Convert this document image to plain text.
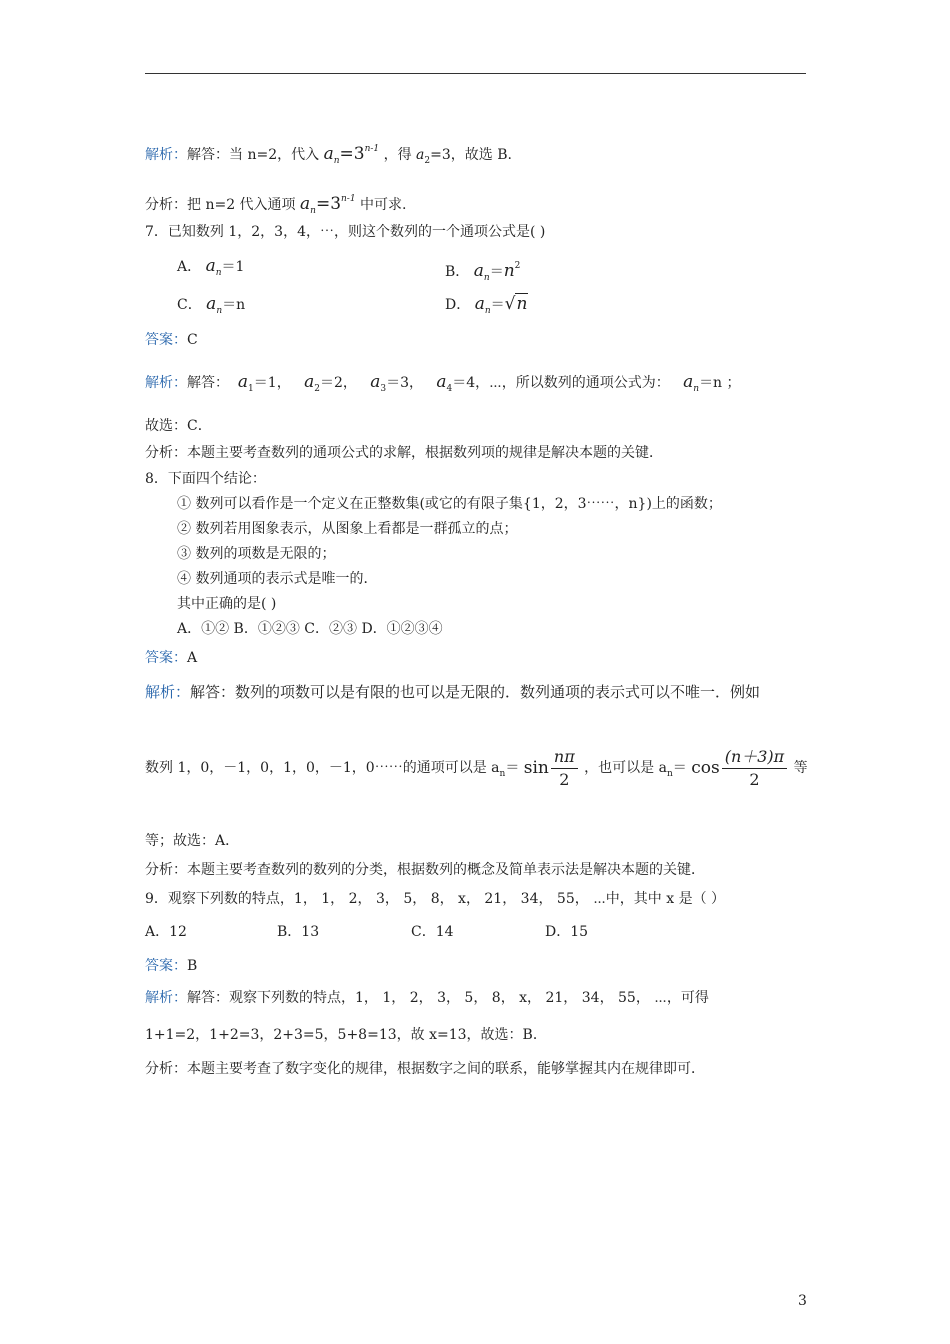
解析：解答：当 n=2，代入 $a_n=3^{n-1}$ ，得 $a_2=3$，故选 B.
分析：把 n=2 代入通项 $a_n=3^{n-1}$ 中可求.
7．已知数列 1，2，3，4，⋯，则这个数列的一个通项公式是( )
A． $a_n=1$	B． $a_n=n^2$
C． $a_n=n$	D． $a_n=√n$
答案：C
解析：解答： $a_1=1$， $a_2=2$， $a_3=3$， $a_4=4$，⋯，所以数列的通项公式为： $a_n=n$ ；
故选：C．
分析：本题主要考查数列的通项公式的求解，根据数列项的规律是解决本题的关键．
8．下面四个结论：
① 数列可以看作是一个定义在正整数集(或它的有限子集{1，2，3⋯⋯，n})上的函数；
② 数列若用图象表示，从图象上看都是一群孤立的点；
③ 数列的项数是无限的；
④ 数列通项的表示式是唯一的．
其中正确的是( )
A．①② B．①②③ C．②③ D．①②③④
答案：A
解析：解答：数列的项数可以是有限的也可以是无限的．数列通项的表示式可以不唯一．例如
数列 1，0，－1，0，1，0，－1，0⋯⋯的通项可以是 $a_n= \sin \frac{n\pi}{2}$ ，也可以是 $a_n= \cos \frac{(n+3)\pi}{2}$ 等
等；故选：A．
分析：本题主要考查数列的数列的分类，根据数列的概念及简单表示法是解决本题的关键．
9．观察下列数的特点，1， 1， 2， 3， 5， 8， x， 21， 34， 55， ⋯中，其中 x 是（ ）
A．12	B．13	C．14	D．15
答案：B
解析：解答：观察下列数的特点，1， 1， 2， 3， 5， 8， x， 21， 34， 55， ⋯，可得
1+1=2，1+2=3，2+3=5，5+8=13，故 x=13，故选：B．
分析：本题主要考查了数字变化的规律，根据数字之间的联系，能够掌握其内在规律即可．
3
